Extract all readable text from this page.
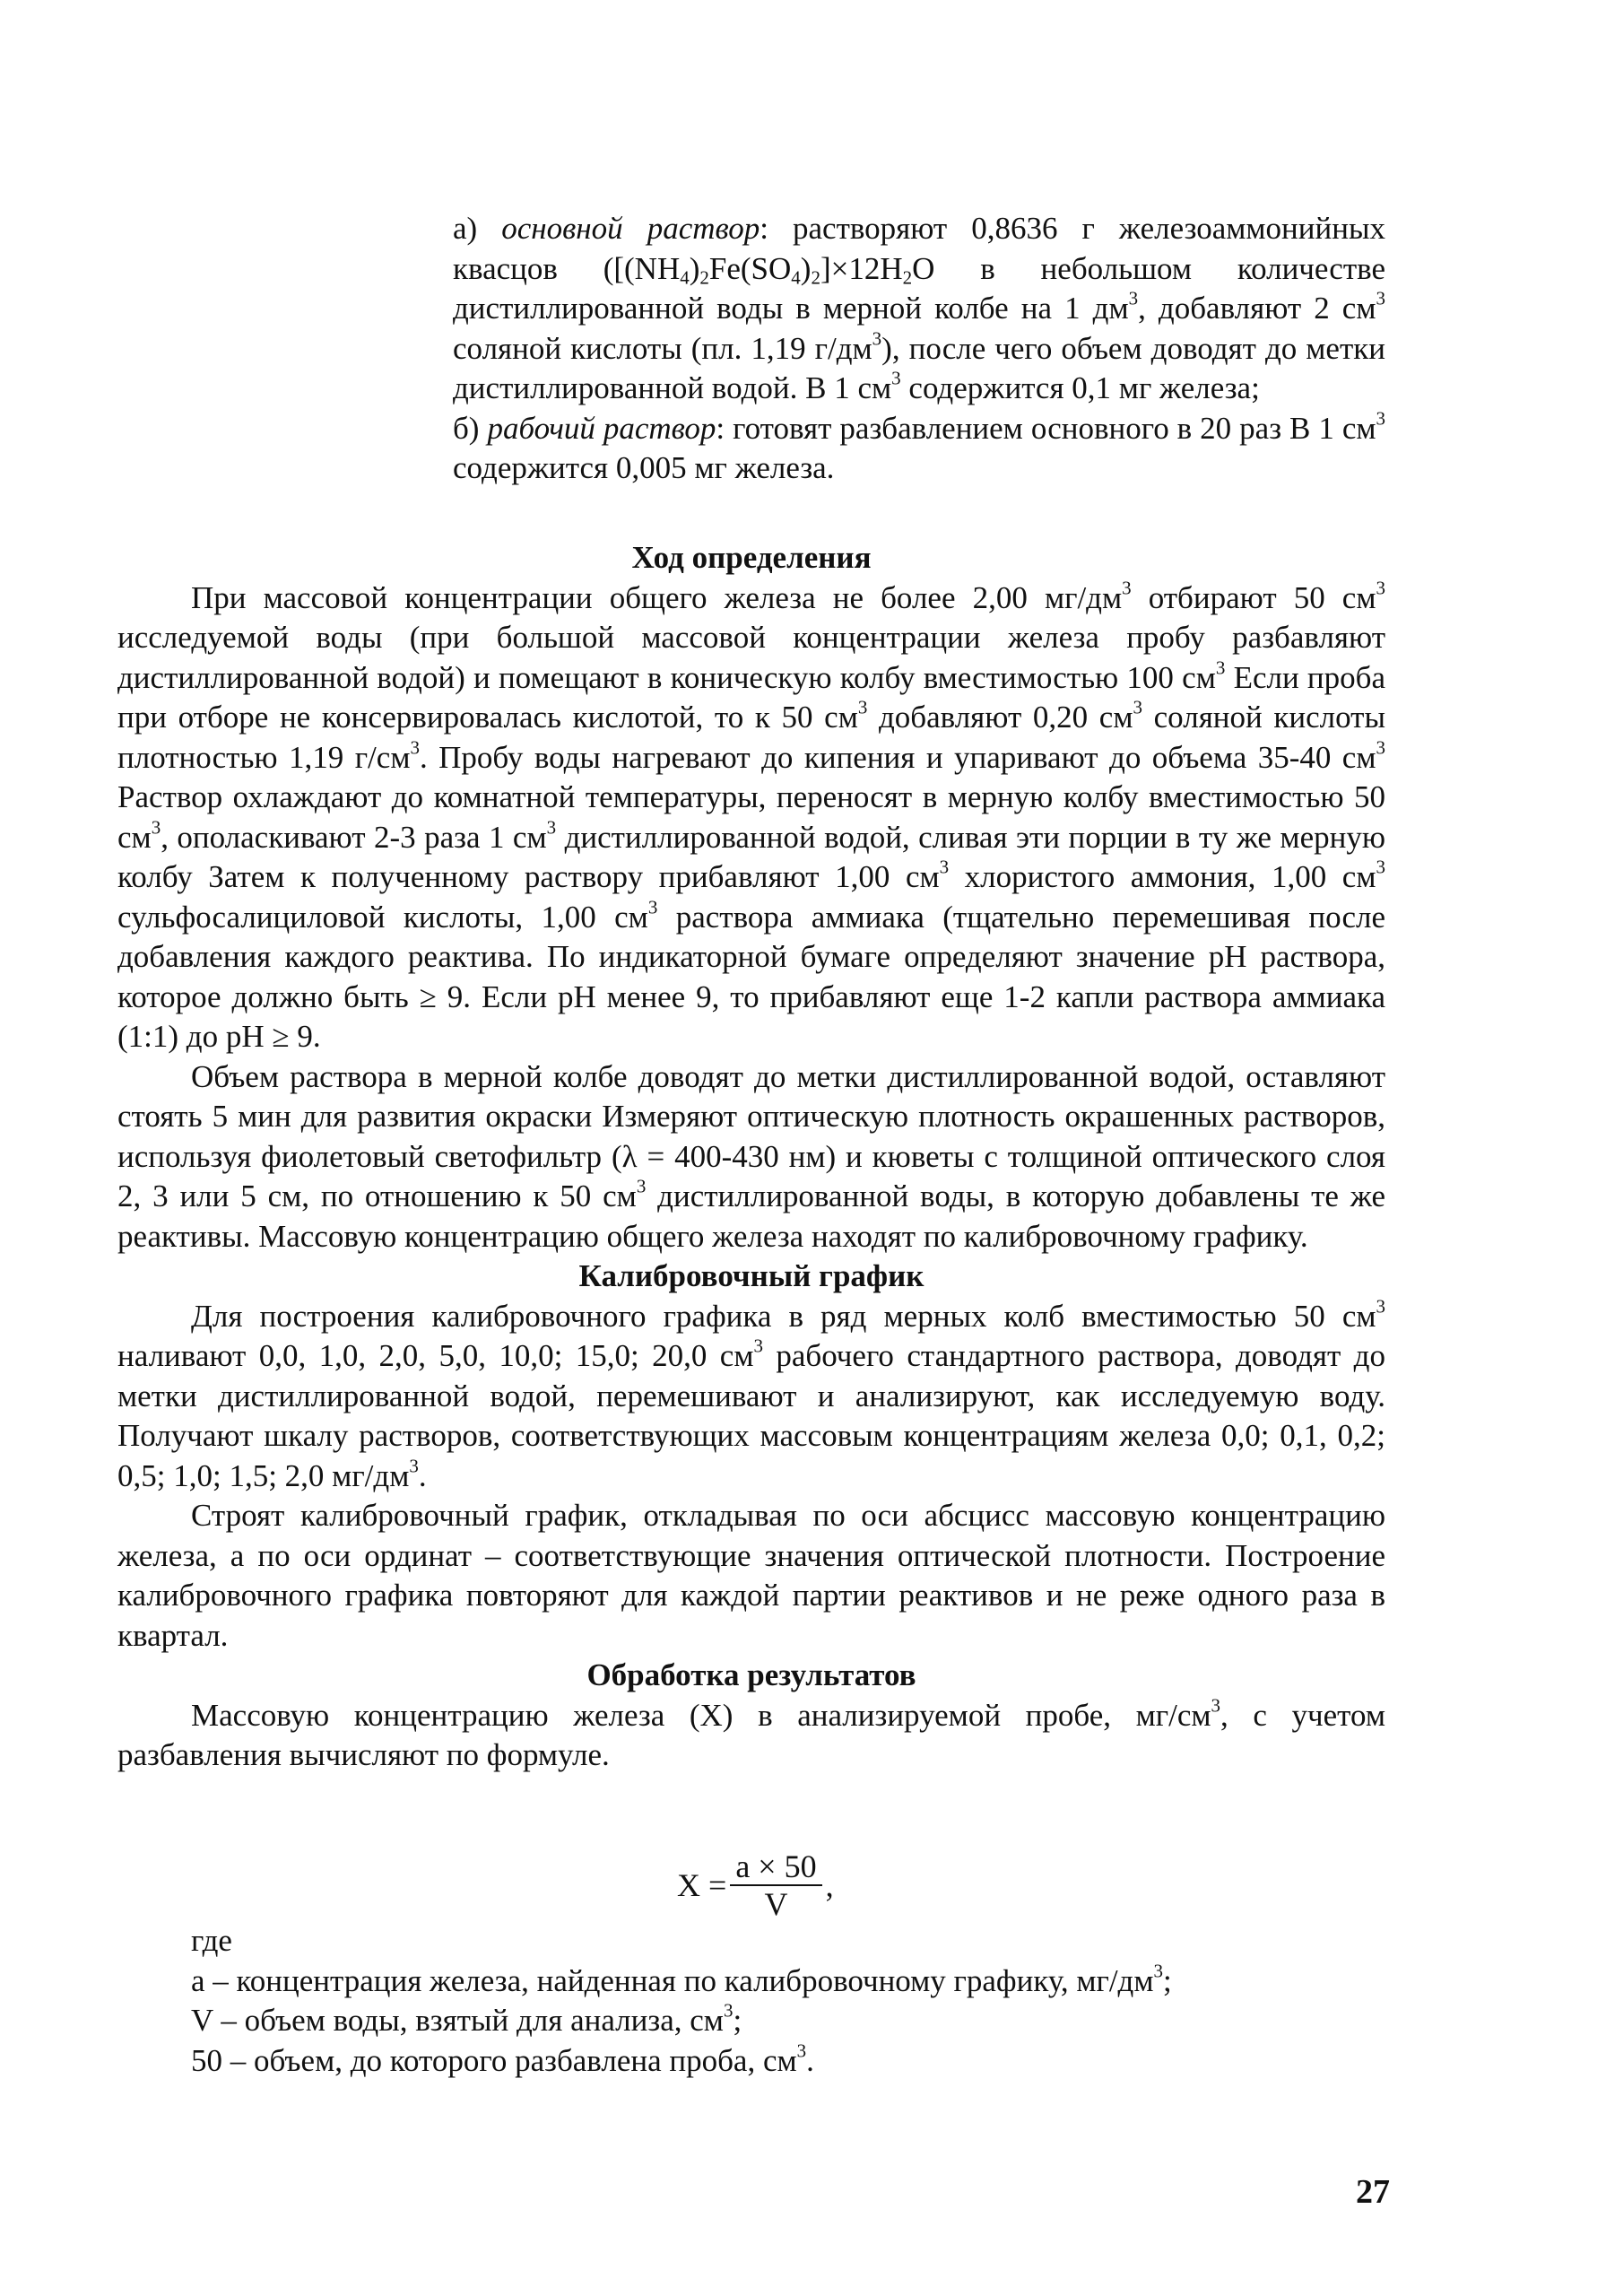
а) основной раствор: растворяют 0,8636 г железоаммонийных квасцов ($[(NH_4)_2Fe(SO_4)_2]\times 12H_2O$ в небольшом количестве дистиллированной воды в мерной колбе на 1 $дм^3$, добавляют 2 $см^3$ соляной кислоты (пл. 1,19 $г/дм^3$), после чего объем доводят до метки дистиллированной водой. В 1 $см^3$ содержится 0,1 мг железа;

б) рабочий раствор: готовят разбавлением основного в 20 раз В 1 $см^3$ содержится 0,005 мг железа.

Ход определения

При массовой концентрации общего железа не более 2,00 $мг/дм^3$ отбирают 50 $см^3$ исследуемой воды (при большой массовой концентрации железа пробу разбавляют дистиллированной водой) и помещают в коническую колбу вместимостью 100 $см^3$ Если проба при отборе не консервировалась кислотой, то к 50 $см^3$ добавляют 0,20 $см^3$ соляной кислоты плотностью 1,19 $г/см^3$. Пробу воды нагревают до кипения и упаривают до объема 35-40 $см^3$ Раствор охлаждают до комнатной температуры, переносят в мерную колбу вместимостью 50 $см^3$, ополаскивают 2-3 раза 1 $см^3$ дистиллированной водой, сливая эти порции в ту же мерную колбу Затем к полученному раствору прибавляют 1,00 $см^3$ хлористого аммония, 1,00 $см^3$ сульфосалициловой кислоты, 1,00 $см^3$ раствора аммиака (тщательно перемешивая после добавления каждого реактива. По индикаторной бумаге определяют значение pH раствора, которое должно быть ≥ 9. Если pH менее 9, то прибавляют еще 1-2 капли раствора аммиака (1:1) до pH ≥ 9.

Объем раствора в мерной колбе доводят до метки дистиллированной водой, оставляют стоять 5 мин для развития окраски Измеряют оптическую плотность окрашенных растворов, используя фиолетовый светофильтр (λ = 400-430 нм) и кюветы с толщиной оптического слоя 2, 3 или 5 см, по отношению к 50 $см^3$ дистиллированной воды, в которую добавлены те же реактивы. Массовую концентрацию общего железа находят по калибровочному графику.

Калибровочный график

Для построения калибровочного графика в ряд мерных колб вместимостью 50 $см^3$ наливают 0,0, 1,0, 2,0, 5,0, 10,0; 15,0; 20,0 $см^3$ рабочего стандартного раствора, доводят до метки дистиллированной водой, перемешивают и анализируют, как исследуемую воду. Получают шкалу растворов, соответствующих массовым концентрациям железа 0,0; 0,1, 0,2; 0,5; 1,0; 1,5; 2,0 $мг/дм^3$.

Строят калибровочный график, откладывая по оси абсцисс массовую концентрацию железа, а по оси ординат – соответствующие значения оптической плотности. Построение калибровочного графика повторяют для каждой партии реактивов и не реже одного раза в квартал.

Обработка результатов

Массовую концентрацию железа (X) в анализируемой пробе, $мг/см^3$, с учетом разбавления вычисляют по формуле.

$X = \frac{a \times 50}{V}$ ,

где

а – концентрация железа, найденная по калибровочному графику, $мг/дм^3$;

V – объем воды, взятый для анализа, $см^3$;

50 – объем, до которого разбавлена проба, $см^3$.

27
